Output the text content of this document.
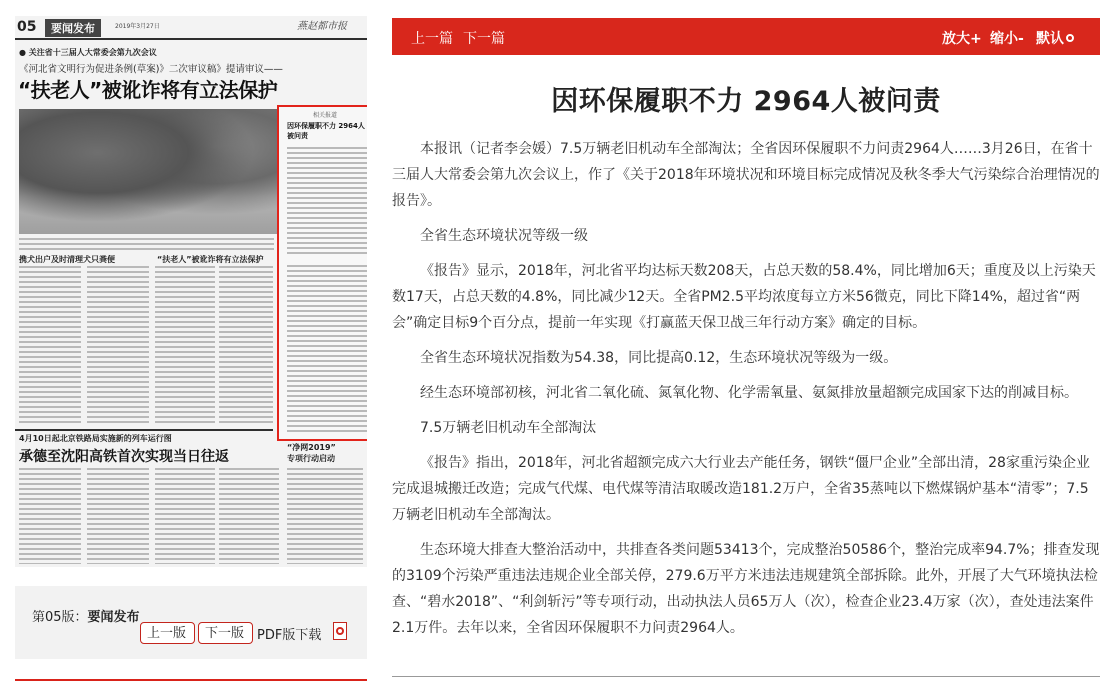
05	要闻发布	2019年3月27日	燕赵都市报
● 关注省十三届人大常委会第九次会议
《河北省文明行为促进条例(草案)》二次审议稿》提请审议——
“扶老人”被讹诈将有立法保护
相关报道
因环保履职不力 2964人被问责
携犬出户及时清理犬只粪便	“扶老人”被讹诈将有立法保护
4月10日起北京铁路局实施新的列车运行图
承德至沈阳高铁首次实现当日往返
“净网2019”
专项行动启动
第05版：要闻发布
上一版	下一版 PDF版下载
上一篇 下一篇	放大+ 缩小- 默认
因环保履职不力 2964人被问责

本报讯（记者李会媛）7.5万辆老旧机动车全部淘汰；全省因环保履职不力问责2964人……3月26日，在省十三届人大常委会第九次会议上，作了《关于2018年环境状况和环境目标完成情况及秋冬季大气污染综合治理情况的报告》。

全省生态环境状况等级一级

《报告》显示，2018年，河北省平均达标天数208天，占总天数的58.4%，同比增加6天；重度及以上污染天数17天，占总天数的4.8%，同比减少12天。全省PM2.5平均浓度每立方米56微克，同比下降14%，超过省“两会”确定目标9个百分点，提前一年实现《打赢蓝天保卫战三年行动方案》确定的目标。

全省生态环境状况指数为54.38，同比提高0.12，生态环境状况等级为一级。

经生态环境部初核，河北省二氧化硫、氮氧化物、化学需氧量、氨氮排放量超额完成国家下达的削减目标。

7.5万辆老旧机动车全部淘汰

《报告》指出，2018年，河北省超额完成六大行业去产能任务，钢铁“僵尸企业”全部出清，28家重污染企业完成退城搬迁改造；完成气代煤、电代煤等清洁取暖改造181.2万户，全省35蒸吨以下燃煤锅炉基本“清零”；7.5万辆老旧机动车全部淘汰。

生态环境大排查大整治活动中，共排查各类问题53413个，完成整治50586个，整治完成率94.7%；排查发现的3109个污染严重违法违规企业全部关停，279.6万平方米违法违规建筑全部拆除。此外，开展了大气环境执法检查、“碧水2018”、“利剑斩污”等专项行动，出动执法人员65万人（次），检查企业23.4万家（次），查处违法案件2.1万件。去年以来，全省因环保履职不力问责2964人。
